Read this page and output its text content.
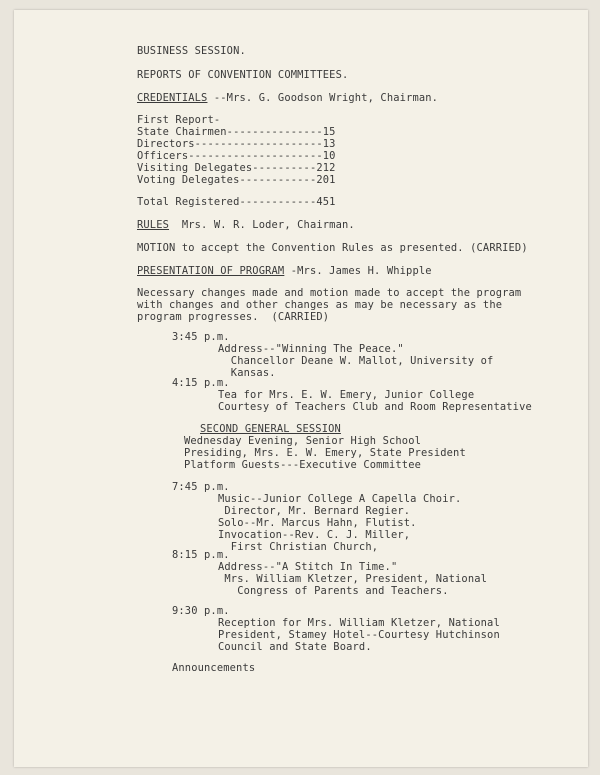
BUSINESS SESSION.
REPORTS OF CONVENTION COMMITTEES.
CREDENTIALS --Mrs. G. Goodson Wright, Chairman.
First Report-
State Chairmen---------------15
Directors--------------------13
Officers---------------------10
Visiting Delegates----------212
Voting Delegates------------201
Total Registered------------451
RULES  Mrs. W. R. Loder, Chairman.
MOTION to accept the Convention Rules as presented. (CARRIED)
PRESENTATION OF PROGRAM -Mrs. James H. Whipple
Necessary changes made and motion made to accept the program
with changes and other changes as may be necessary as the
program progresses.  (CARRIED)
3:45 p.m.
Address--"Winning The Peace."
Chancellor Deane W. Mallot, University of
Kansas.
4:15 p.m.
Tea for Mrs. E. W. Emery, Junior College
Courtesy of Teachers Club and Room Representative
SECOND GENERAL SESSION
Wednesday Evening, Senior High School
Presiding, Mrs. E. W. Emery, State President
Platform Guests---Executive Committee
7:45 p.m.
Music--Junior College A Capella Choir.
Director, Mr. Bernard Regier.
Solo--Mr. Marcus Hahn, Flutist.
Invocation--Rev. C. J. Miller,
First Christian Church,
8:15 p.m.
Address--"A Stitch In Time."
Mrs. William Kletzer, President, National
Congress of Parents and Teachers.
9:30 p.m.
Reception for Mrs. William Kletzer, National
President, Stamey Hotel--Courtesy Hutchinson
Council and State Board.
Announcements
